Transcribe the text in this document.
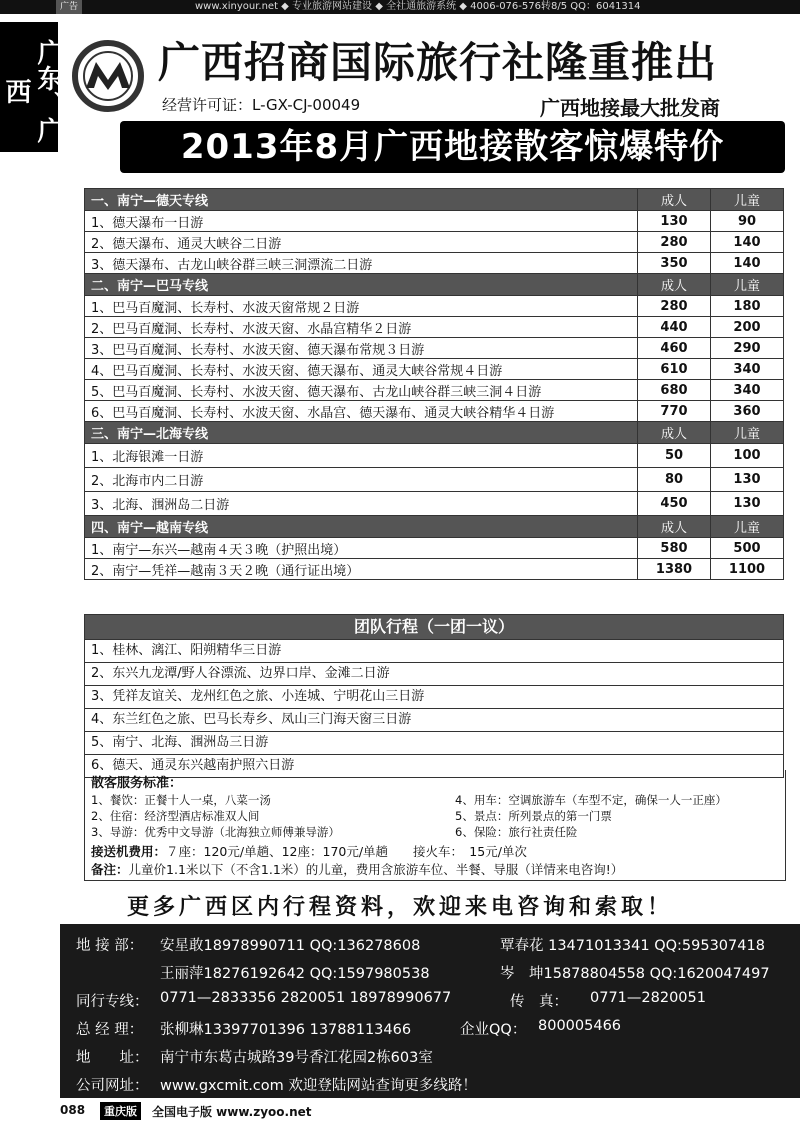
广告	www.xinyour.net ◆ 专业旅游网站建设 ◆ 全社通旅游系统 ◆ 4006-076-576转8/5 QQ：6041314
广东、广西
广西招商国际旅行社隆重推出
经营许可证：L-GX-CJ-00049	广西地接最大批发商
2013年8月广西地接散客惊爆特价
一、南宁—德天专线	成人	儿童
1、德天瀑布一日游	130	90
2、德天瀑布、通灵大峡谷二日游	280	140
3、德天瀑布、古龙山峡谷群三峡三洞漂流二日游	350	140
二、南宁—巴马专线	成人	儿童
1、巴马百魔洞、长寿村、水波天窗常规２日游	280	180
2、巴马百魔洞、长寿村、水波天窗、水晶宫精华２日游	440	200
3、巴马百魔洞、长寿村、水波天窗、德天瀑布常规３日游	460	290
4、巴马百魔洞、长寿村、水波天窗、德天瀑布、通灵大峡谷常规４日游	610	340
5、巴马百魔洞、长寿村、水波天窗、德天瀑布、古龙山峡谷群三峡三洞４日游	680	340
6、巴马百魔洞、长寿村、水波天窗、水晶宫、德天瀑布、通灵大峡谷精华４日游	770	360
三、南宁—北海专线	成人	儿童
1、北海银滩一日游	50	100
2、北海市内二日游	80	130
3、北海、涠洲岛二日游	450	130
四、南宁—越南专线	成人	儿童
1、南宁—东兴—越南４天３晚（护照出境）	580	500
2、南宁—凭祥—越南３天２晚（通行证出境）	1380	1100
团队行程（一团一议）
1、桂林、漓江、阳朔精华三日游
2、东兴九龙潭/野人谷漂流、边界口岸、金滩二日游
3、凭祥友谊关、龙州红色之旅、小连城、宁明花山三日游
4、东兰红色之旅、巴马长寿乡、凤山三门海天窗三日游
5、南宁、北海、涠洲岛三日游
6、德天、通灵东兴越南护照六日游
散客服务标准：
1、餐饮：正餐十人一桌，八菜一汤	4、用车：空调旅游车（车型不定，确保一人一正座）
2、住宿：经济型酒店标准双人间	5、景点：所列景点的第一门票
3、导游：优秀中文导游（北海独立师傅兼导游）	6、保险：旅行社责任险
接送机费用：７座：120元/单趟、12座：170元/单趟　　接火车：　15元/单次
备注：儿童价1.1米以下（不含1.1米）的儿童，费用含旅游车位、半餐、导服（详情来电咨询!）
更多广西区内行程资料，欢迎来电咨询和索取！
地 接 部： 安星敢18978990711 QQ:136278608	覃春花 13471013341 QQ:595307418
王丽萍18276192642 QQ:1597980538	岑　坤15878804558 QQ:1620047497
同行专线： 0771—2833356 2820051 18978990677	传　真： 0771—2820051
总 经 理： 张柳琳13397701396 13788113466	企业QQ： 800005466
地　　址： 南宁市东葛古城路39号香江花园2栋603室
公司网址： www.gxcmit.com 欢迎登陆网站查询更多线路！
088	重庆版	全国电子版 www.zyoo.net
